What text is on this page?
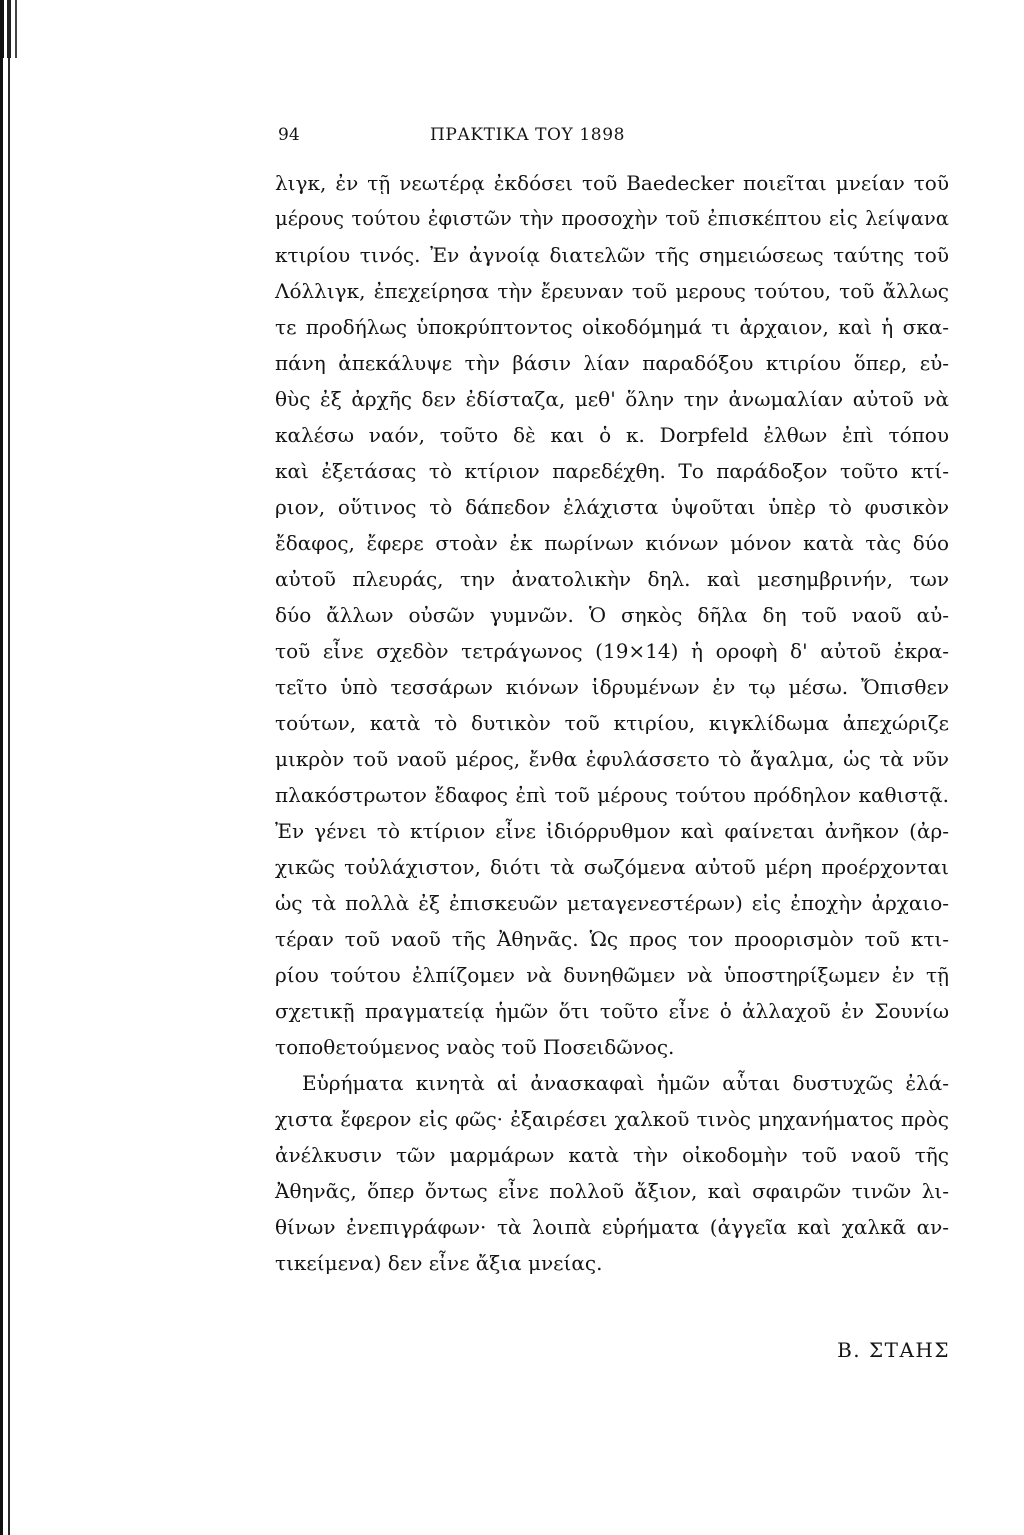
94	ΠΡΑΚΤΙΚΑ ΤΟΥ 1898
λιγκ, ἐν τῇ νεωτέρᾳ ἐκδόσει τοῦ Baedecker ποιεῖται μνείαν τοῦ
μέρους τούτου ἐφιστῶν τὴν προσοχὴν τοῦ ἐπισκέπτου εἰς λείψανα
κτιρίου τινός. Ἐν ἀγνοίᾳ διατελῶν τῆς σημειώσεως ταύτης τοῦ
Λόλλιγκ, ἐπεχείρησα τὴν ἔρευναν τοῦ μερους τούτου, τοῦ ἄλλως
τε προδήλως ὑποκρύπτοντος οἰκοδόμημά τι ἀρχαιον, καὶ ἡ σκα-
πάνη ἀπεκάλυψε τὴν βάσιν λίαν παραδόξου κτιρίου ὅπερ, εὐ-
θὺς ἐξ ἀρχῆς δεν ἐδίσταζα, μεθ' ὅλην την ἀνωμαλίαν αὐτοῦ νὰ
καλέσω ναόν, τοῦτο δὲ και ὁ κ. Dorpfeld ἐλθων ἐπὶ τόπου
καὶ ἐξετάσας τὸ κτίριον παρεδέχθη. Το παράδοξον τοῦτο κτί-
ριον, οὕτινος τὸ δάπεδον ἐλάχιστα ὑψοῦται ὑπὲρ τὸ φυσικὸν
ἔδαφος, ἔφερε στοὰν ἐκ πωρίνων κιόνων μόνον κατὰ τὰς δύο
αὐτοῦ πλευράς, την ἀνατολικὴν δηλ. καὶ μεσημβρινήν, των
δύο ἄλλων οὐσῶν γυμνῶν. Ὁ σηκὸς δῆλα δη τοῦ ναοῦ αὐ-
τοῦ εἶνε σχεδὸν τετράγωνος (19×14) ἡ οροφὴ δ' αὐτοῦ ἐκρα-
τεῖτο ὑπὸ τεσσάρων κιόνων ἱδρυμένων ἐν τῳ μέσω. Ὄπισθεν
τούτων, κατὰ τὸ δυτικὸν τοῦ κτιρίου, κιγκλίδωμα ἀπεχώριζε
μικρὸν τοῦ ναοῦ μέρος, ἔνθα ἐφυλάσσετο τὸ ἄγαλμα, ὡς τὰ νῦν
πλακόστρωτον ἔδαφος ἐπὶ τοῦ μέρους τούτου πρόδηλον καθιστᾷ.
Ἐν γένει τὸ κτίριον εἶνε ἰδιόρρυθμον καὶ φαίνεται ἀνῆκον (ἀρ-
χικῶς τοὐλάχιστον, διότι τὰ σωζόμενα αὐτοῦ μέρη προέρχονται
ὡς τὰ πολλὰ ἐξ ἐπισκευῶν μεταγενεστέρων) εἰς ἐποχὴν ἀρχαιο-
τέραν τοῦ ναοῦ τῆς Ἀθηνᾶς. Ὡς προς τον προορισμὸν τοῦ κτι-
ρίου τούτου ἐλπίζομεν νὰ δυνηθῶμεν νὰ ὑποστηρίξωμεν ἐν τῇ
σχετικῇ πραγματείᾳ ἡμῶν ὅτι τοῦτο εἶνε ὁ ἀλλαχοῦ ἐν Σουνίω
τοποθετούμενος ναὸς τοῦ Ποσειδῶνος.
Εὑρήματα κινητὰ αἱ ἀνασκαφαὶ ἡμῶν αὗται δυστυχῶς ἐλά-
χιστα ἔφερον εἰς φῶς· ἐξαιρέσει χαλκοῦ τινὸς μηχανήματος πρὸς
ἀνέλκυσιν τῶν μαρμάρων κατὰ τὴν οἰκοδομὴν τοῦ ναοῦ τῆς
Ἀθηνᾶς, ὅπερ ὄντως εἶνε πολλοῦ ἄξιον, καὶ σφαιρῶν τινῶν λι-
θίνων ἐνεπιγράφων· τὰ λοιπὰ εὑρήματα (ἀγγεῖα καὶ χαλκᾶ αν-
τικείμενα) δεν εἶνε ἄξια μνείας.
Β. ΣΤΑΗΣ
